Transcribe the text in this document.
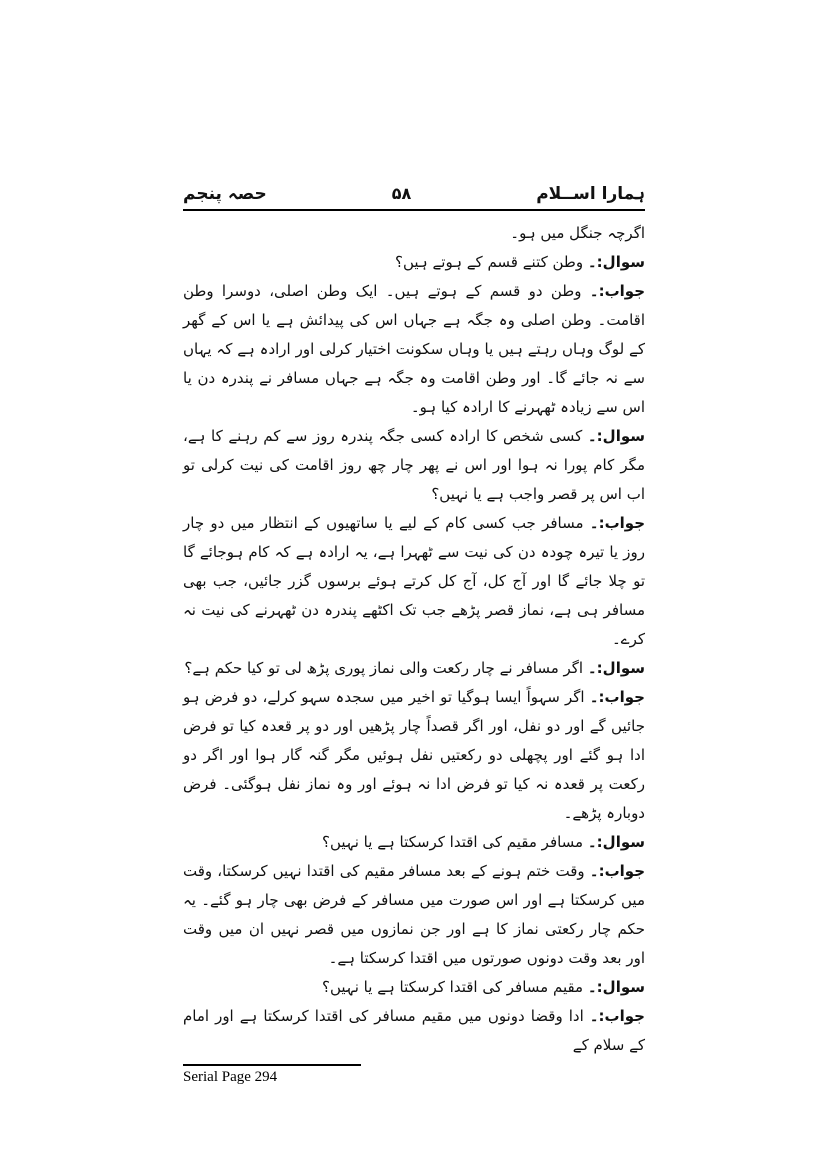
ہمارا اســلام
۵۸
حصہ پنجم

اگرچہ جنگل میں ہو۔

سوال:۔ وطن کتنے قسم کے ہوتے ہیں؟

جواب:۔ وطن دو قسم کے ہوتے ہیں۔ ایک وطن اصلی، دوسرا وطن اقامت۔ وطن اصلی وہ جگہ ہے جہاں اس کی پیدائش ہے یا اس کے گھر کے لوگ وہاں رہتے ہیں یا وہاں سکونت اختیار کرلی اور ارادہ ہے کہ یہاں سے نہ جائے گا۔ اور وطن اقامت وہ جگہ ہے جہاں مسافر نے پندرہ دن یا اس سے زیادہ ٹھہرنے کا ارادہ کیا ہو۔

سوال:۔ کسی شخص کا ارادہ کسی جگہ پندرہ روز سے کم رہنے کا ہے، مگر کام پورا نہ ہوا اور اس نے پھر چار چھ روز اقامت کی نیت کرلی تو اب اس پر قصر واجب ہے یا نہیں؟

جواب:۔ مسافر جب کسی کام کے لیے یا ساتھیوں کے انتظار میں دو چار روز یا تیرہ چودہ دن کی نیت سے ٹھہرا ہے، یہ ارادہ ہے کہ کام ہوجائے گا تو چلا جائے گا اور آج کل، آج کل کرتے ہوئے برسوں گزر جائیں، جب بھی مسافر ہی ہے، نماز قصر پڑھے جب تک اکٹھے پندرہ دن ٹھہرنے کی نیت نہ کرے۔

سوال:۔ اگر مسافر نے چار رکعت والی نماز پوری پڑھ لی تو کیا حکم ہے؟

جواب:۔ اگر سہواً ایسا ہوگیا تو اخیر میں سجدہ سہو کرلے، دو فرض ہو جائیں گے اور دو نفل، اور اگر قصداً چار پڑھیں اور دو پر قعدہ کیا تو فرض ادا ہو گئے اور پچھلی دو رکعتیں نفل ہوئیں مگر گنہ گار ہوا اور اگر دو رکعت پر قعدہ نہ کیا تو فرض ادا نہ ہوئے اور وہ نماز نفل ہوگئی۔ فرض دوبارہ پڑھے۔

سوال:۔ مسافر مقیم کی اقتدا کرسکتا ہے یا نہیں؟

جواب:۔ وقت ختم ہونے کے بعد مسافر مقیم کی اقتدا نہیں کرسکتا، وقت میں کرسکتا ہے اور اس صورت میں مسافر کے فرض بھی چار ہو گئے۔ یہ حکم چار رکعتی نماز کا ہے اور جن نمازوں میں قصر نہیں ان میں وقت اور بعد وقت دونوں صورتوں میں اقتدا کرسکتا ہے۔

سوال:۔ مقیم مسافر کی اقتدا کرسکتا ہے یا نہیں؟

جواب:۔ ادا وقضا دونوں میں مقیم مسافر کی اقتدا کرسکتا ہے اور امام کے سلام کے

Serial Page 294
